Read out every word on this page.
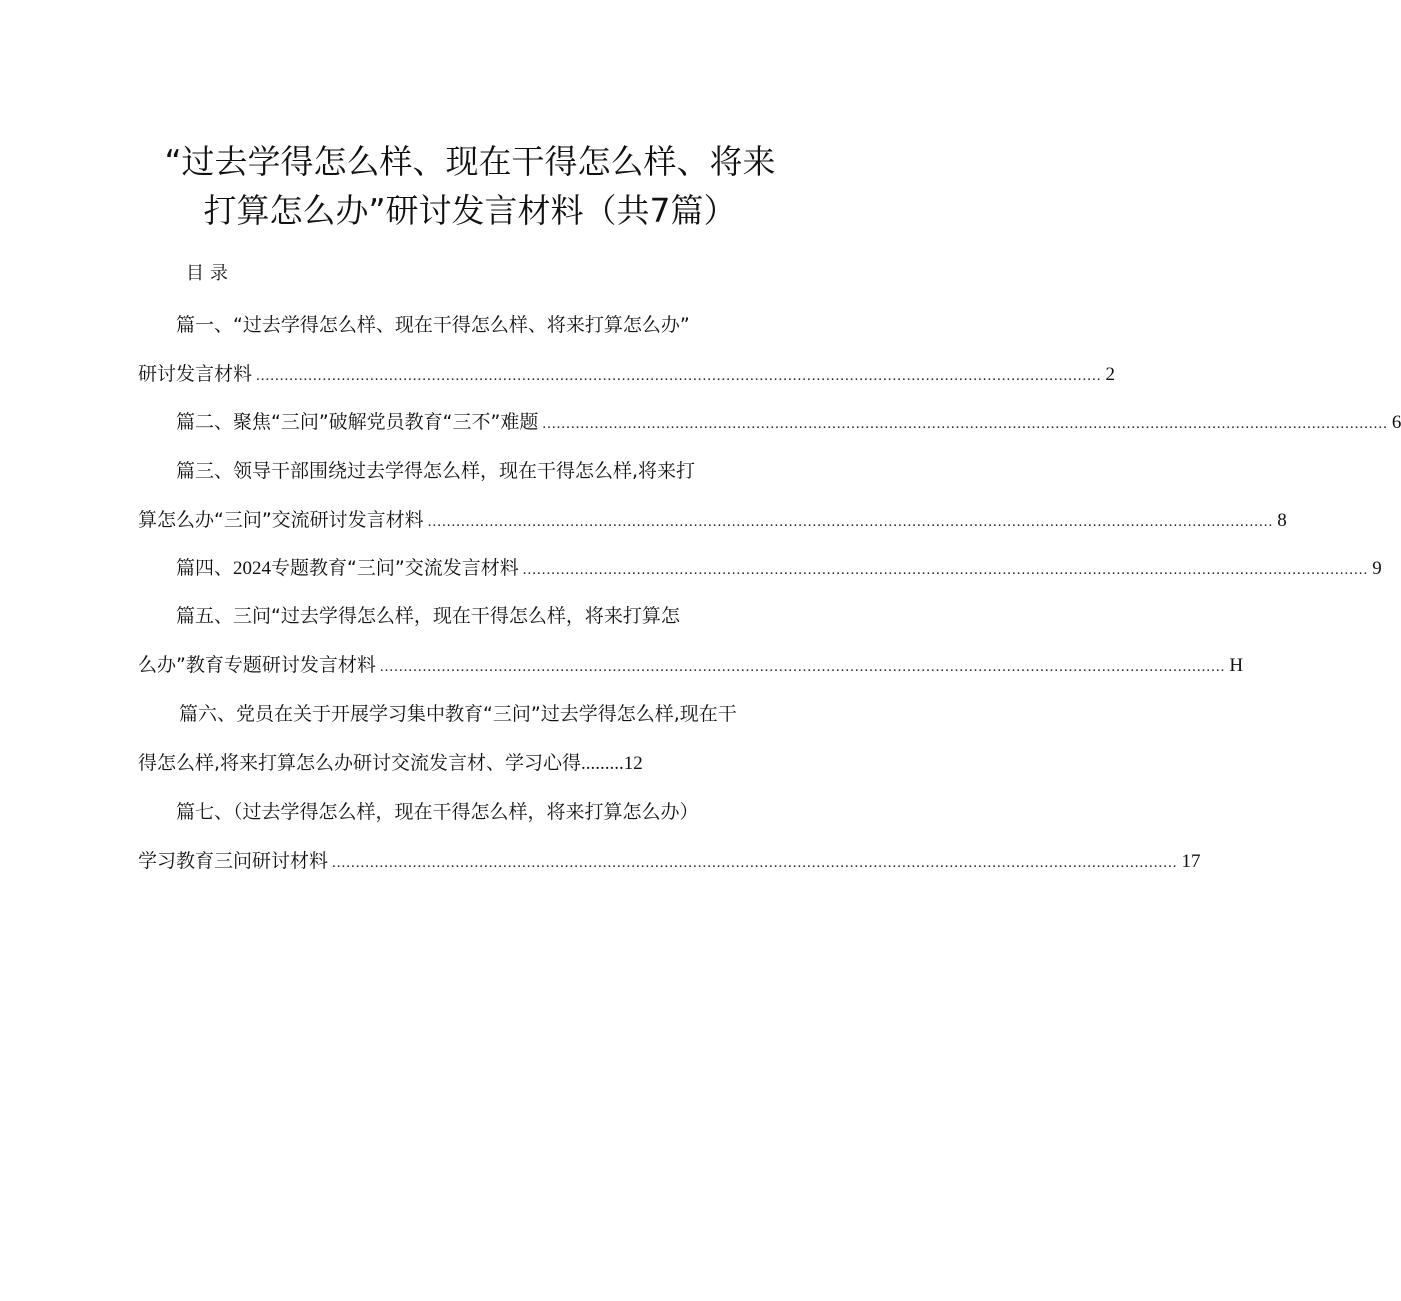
“过去学得怎么样、现在干得怎么样、将来
打算怎么办”研讨发言材料（共7篇）
目录
篇一、“过去学得怎么样、现在干得怎么样、将来打算怎么办”
研讨发言材料 .................................................................................................................................................................................. 2
篇二、聚焦“三问”破解党员教育“三不”难题 .................................................................................................................................................................................. 6
篇三、领导干部围绕过去学得怎么样，现在干得怎么样,将来打
算怎么办“三问”交流研讨发言材料 .................................................................................................................................................................................. 8
篇四、2024专题教育“三问”交流发言材料 .................................................................................................................................................................................. 9
篇五、三问“过去学得怎么样，现在干得怎么样，将来打算怎
么办”教育专题研讨发言材料 .................................................................................................................................................................................. H
篇六、党员在关于开展学习集中教育“三问”过去学得怎么样,现在干
得怎么样,将来打算怎么办研讨交流发言材、学习心得 ......... 12
篇七、（过去学得怎么样，现在干得怎么样，将来打算怎么办）
学习教育三问研讨材料 .................................................................................................................................................................................. 17
